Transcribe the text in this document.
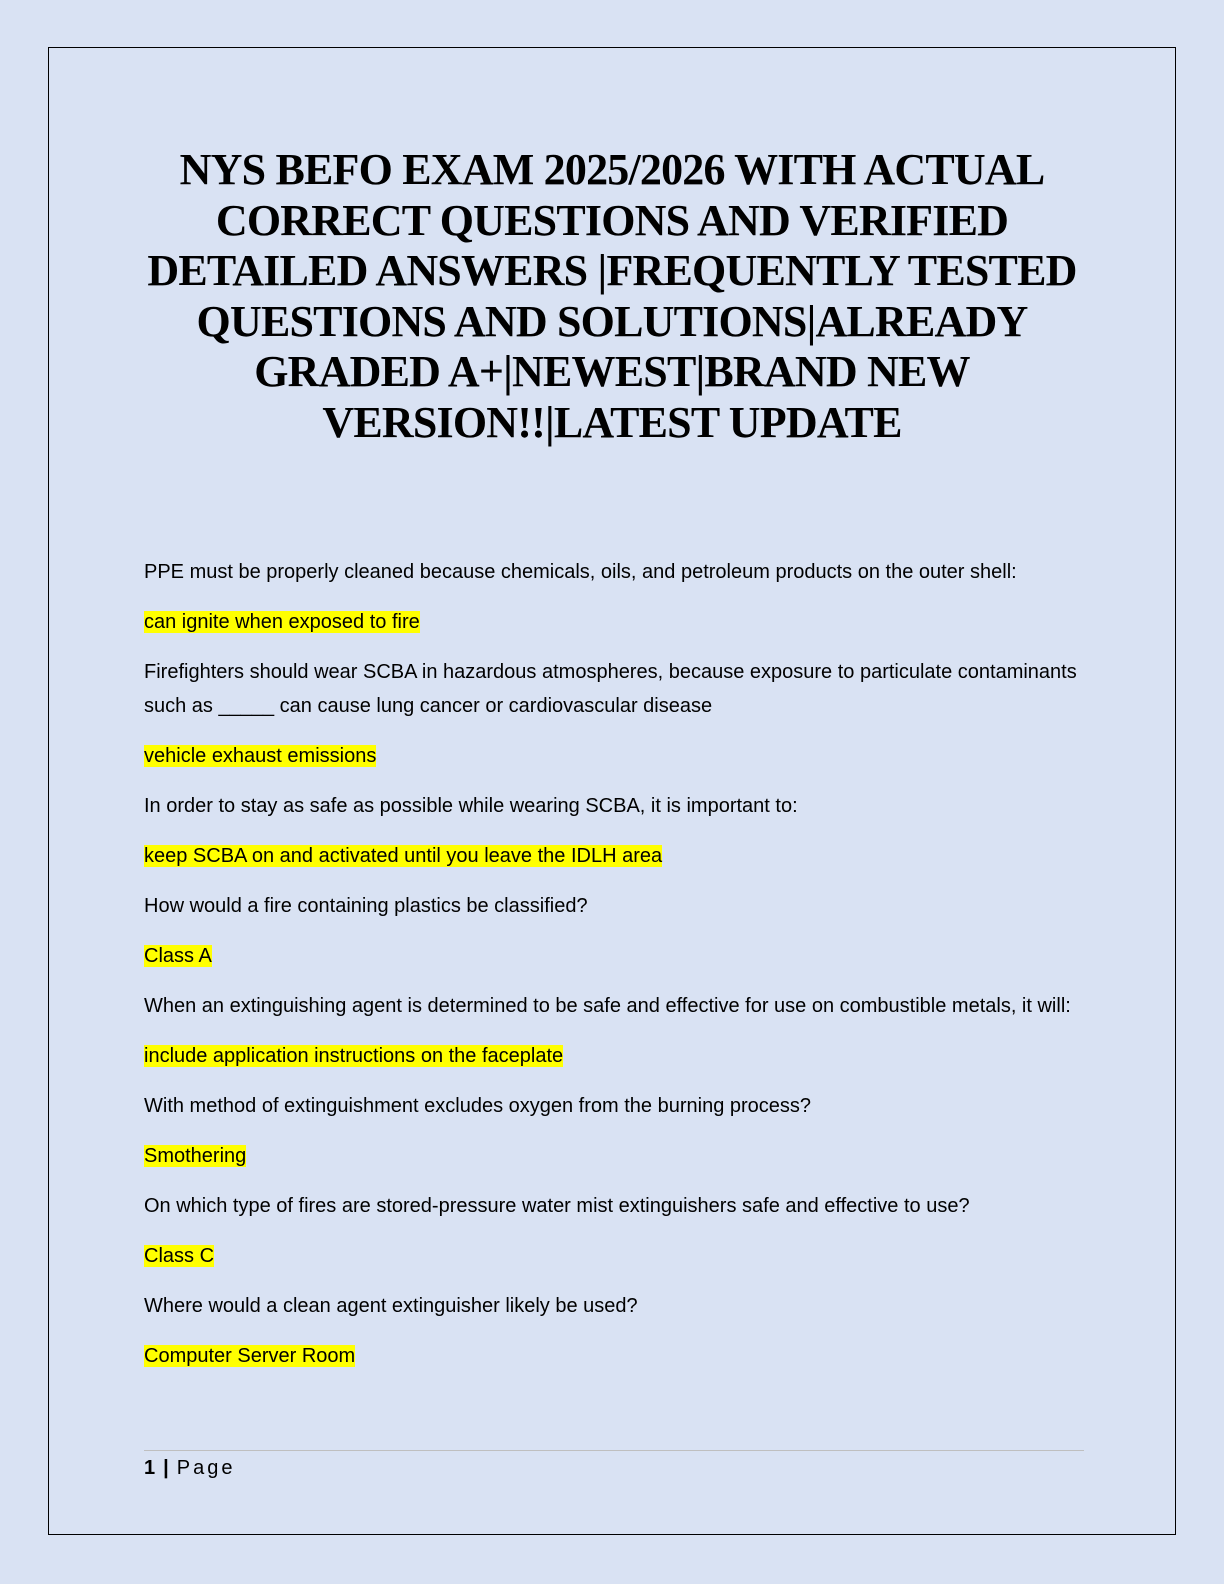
NYS BEFO EXAM 2025/2026 WITH ACTUAL CORRECT QUESTIONS AND VERIFIED DETAILED ANSWERS |FREQUENTLY TESTED QUESTIONS AND SOLUTIONS|ALREADY GRADED A+|NEWEST|BRAND NEW VERSION!!|LATEST UPDATE

PPE must be properly cleaned because chemicals, oils, and petroleum products on the outer shell:

can ignite when exposed to fire

Firefighters should wear SCBA in hazardous atmospheres, because exposure to particulate contaminants such as _____ can cause lung cancer or cardiovascular disease

vehicle exhaust emissions

In order to stay as safe as possible while wearing SCBA, it is important to:

keep SCBA on and activated until you leave the IDLH area

How would a fire containing plastics be classified?

Class A

When an extinguishing agent is determined to be safe and effective for use on combustible metals, it will:

include application instructions on the faceplate

With method of extinguishment excludes oxygen from the burning process?

Smothering

On which type of fires are stored-pressure water mist extinguishers safe and effective to use?

Class C

Where would a clean agent extinguisher likely be used?

Computer Server Room

1 | Page
